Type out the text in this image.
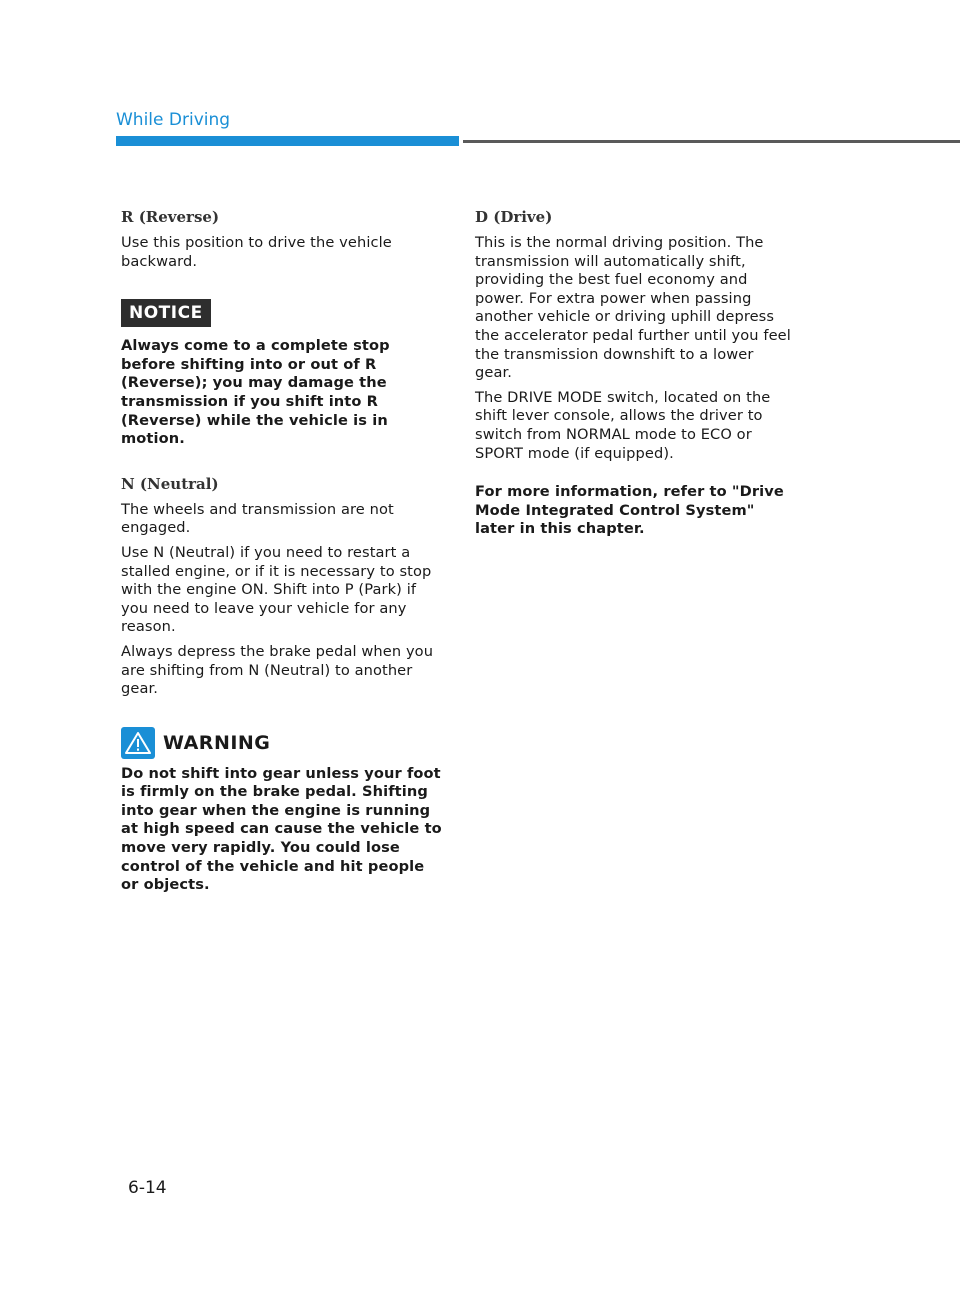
While Driving
R (Reverse)

Use this position to drive the vehicle backward.

NOTICE

Always come to a complete stop before shifting into or out of R (Reverse); you may damage the transmission if you shift into R (Reverse) while the vehicle is in motion.

N (Neutral)

The wheels and transmission are not engaged.

Use N (Neutral) if you need to restart a stalled engine, or if it is necessary to stop with the engine ON. Shift into P (Park) if you need to leave your vehicle for any reason.

Always depress the brake pedal when you are shifting from N (Neutral) to another gear.

WARNING

Do not shift into gear unless your foot is firmly on the brake pedal. Shifting into gear when the engine is running at high speed can cause the vehicle to move very rapidly. You could lose control of the vehicle and hit people or objects.

D (Drive)

This is the normal driving position. The transmission will automatically shift, providing the best fuel economy and power. For extra power when passing another vehicle or driving uphill depress the accelerator pedal further until you feel the transmission downshift to a lower gear.

The DRIVE MODE switch, located on the shift lever console, allows the driver to switch from NORMAL mode to ECO or SPORT mode (if equipped).

For more information, refer to "Drive Mode Integrated Control System" later in this chapter.

6-14
